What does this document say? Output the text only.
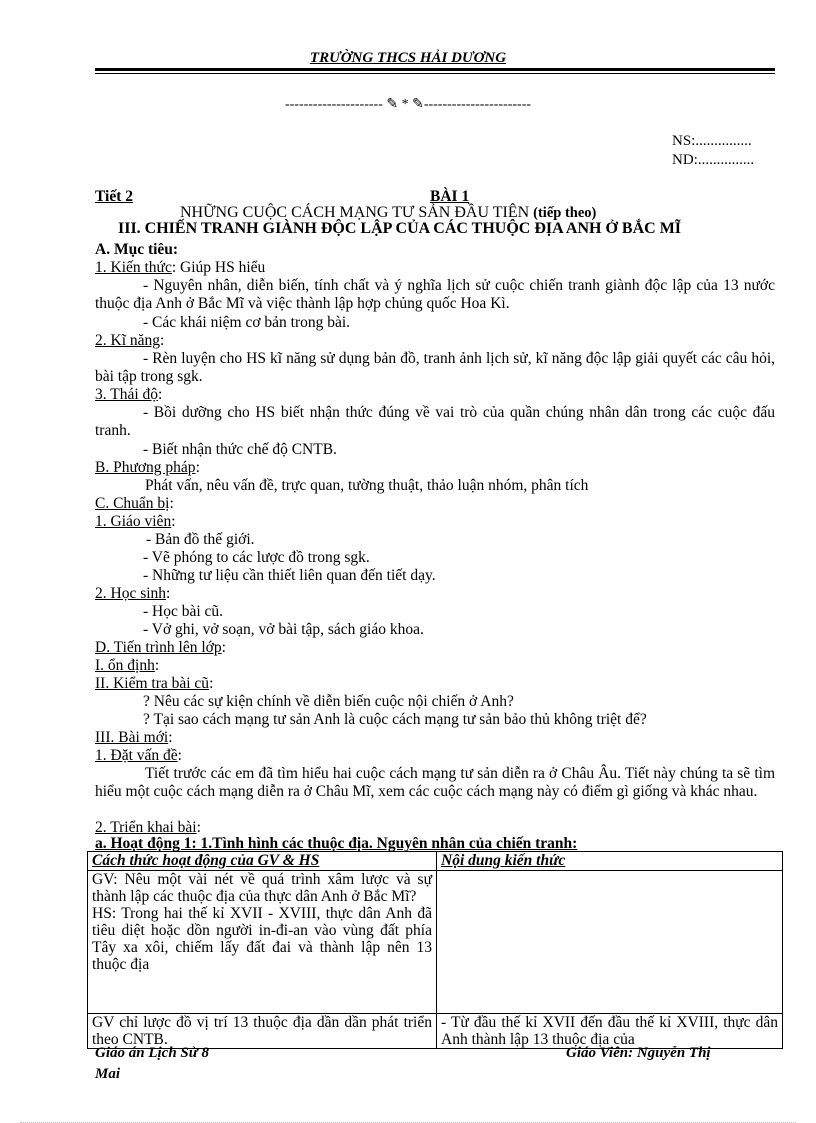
TRƯỜNG THCS HẢI DƯƠNG
--------------------- ✎ * ✎-----------------------
NS:...............
ND:...............
Tiết 2	BÀI 1
NHỮNG CUỘC CÁCH MẠNG TƯ SẢN ĐẦU TIÊN (tiếp theo)
III. CHIẾN TRANH GIÀNH ĐỘC LẬP CỦA CÁC THUỘC ĐỊA ANH Ở BẮC MĨ
A. Mục tiêu:
1. Kiến thức: Giúp HS hiểu
- Nguyên nhân, diễn biến, tính chất và ý nghĩa lịch sử cuộc chiến tranh giành độc lập của 13 nước thuộc địa Anh ở Bắc Mĩ và việc thành lập hợp chủng quốc Hoa Kì.
- Các khái niệm cơ bản trong bài.
2. Kĩ năng:
- Rèn luyện cho HS kĩ năng sử dụng bản đồ, tranh ảnh lịch sử, kĩ năng độc lập giải quyết các câu hỏi, bài tập trong sgk.
3. Thái độ:
- Bồi dưỡng cho HS biết nhận thức đúng về vai trò của quần chúng nhân dân trong các cuộc đấu tranh.
- Biết nhận thức chế độ CNTB.
B. Phương pháp:
Phát vấn, nêu vấn đề, trực quan, tường thuật, thảo luận nhóm, phân tích
C. Chuẩn bị:
1. Giáo viên:
- Bản đồ thế giới.
- Vẽ phóng to các lược đồ trong sgk.
- Những tư liệu cần thiết liên quan đến tiết dạy.
2. Học sinh:
- Học bài cũ.
- Vở ghi, vở soạn, vở bài tập, sách giáo khoa.
D. Tiến trình lên lớp:
I. ổn định:
II. Kiểm tra bài cũ:
? Nêu các sự kiện chính về diễn biến cuộc nội chiến ở Anh?
? Tại sao cách mạng tư sản Anh là cuộc cách mạng tư sản bảo thủ không triệt để?
III. Bài mới:
1. Đặt vấn đề:
Tiết trước các em đã tìm hiểu hai cuộc cách mạng tư sản diễn ra ở Châu Âu. Tiết này chúng ta sẽ tìm hiểu một cuộc cách mạng diễn ra ở Châu Mĩ, xem các cuộc cách mạng này có điểm gì giống và khác nhau.
2. Triển khai bài:
a. Hoạt động 1: 1.Tình hình các thuộc địa. Nguyên nhân của chiến tranh:
Cách thức hoạt động của GV & HS	Nội dung kiến thức
GV: Nêu một vài nét về quá trình xâm lược và sự thành lập các thuộc địa của thực dân Anh ở Bắc Mĩ?
HS: Trong hai thế kỉ XVII - XVIII, thực dân Anh đã tiêu diệt hoặc dồn người in-đi-an vào vùng đất phía Tây xa xôi, chiếm lấy đất đai và thành lập nên 13 thuộc địa	
GV chỉ lược đồ vị trí 13 thuộc địa dần dần phát triển theo CNTB.	- Từ đầu thế kỉ XVII đến đầu thế kỉ XVIII, thực dân Anh thành lập 13 thuộc địa của
Giáo án Lịch Sử 8	Giáo Viên: Nguyễn Thị
Mai
